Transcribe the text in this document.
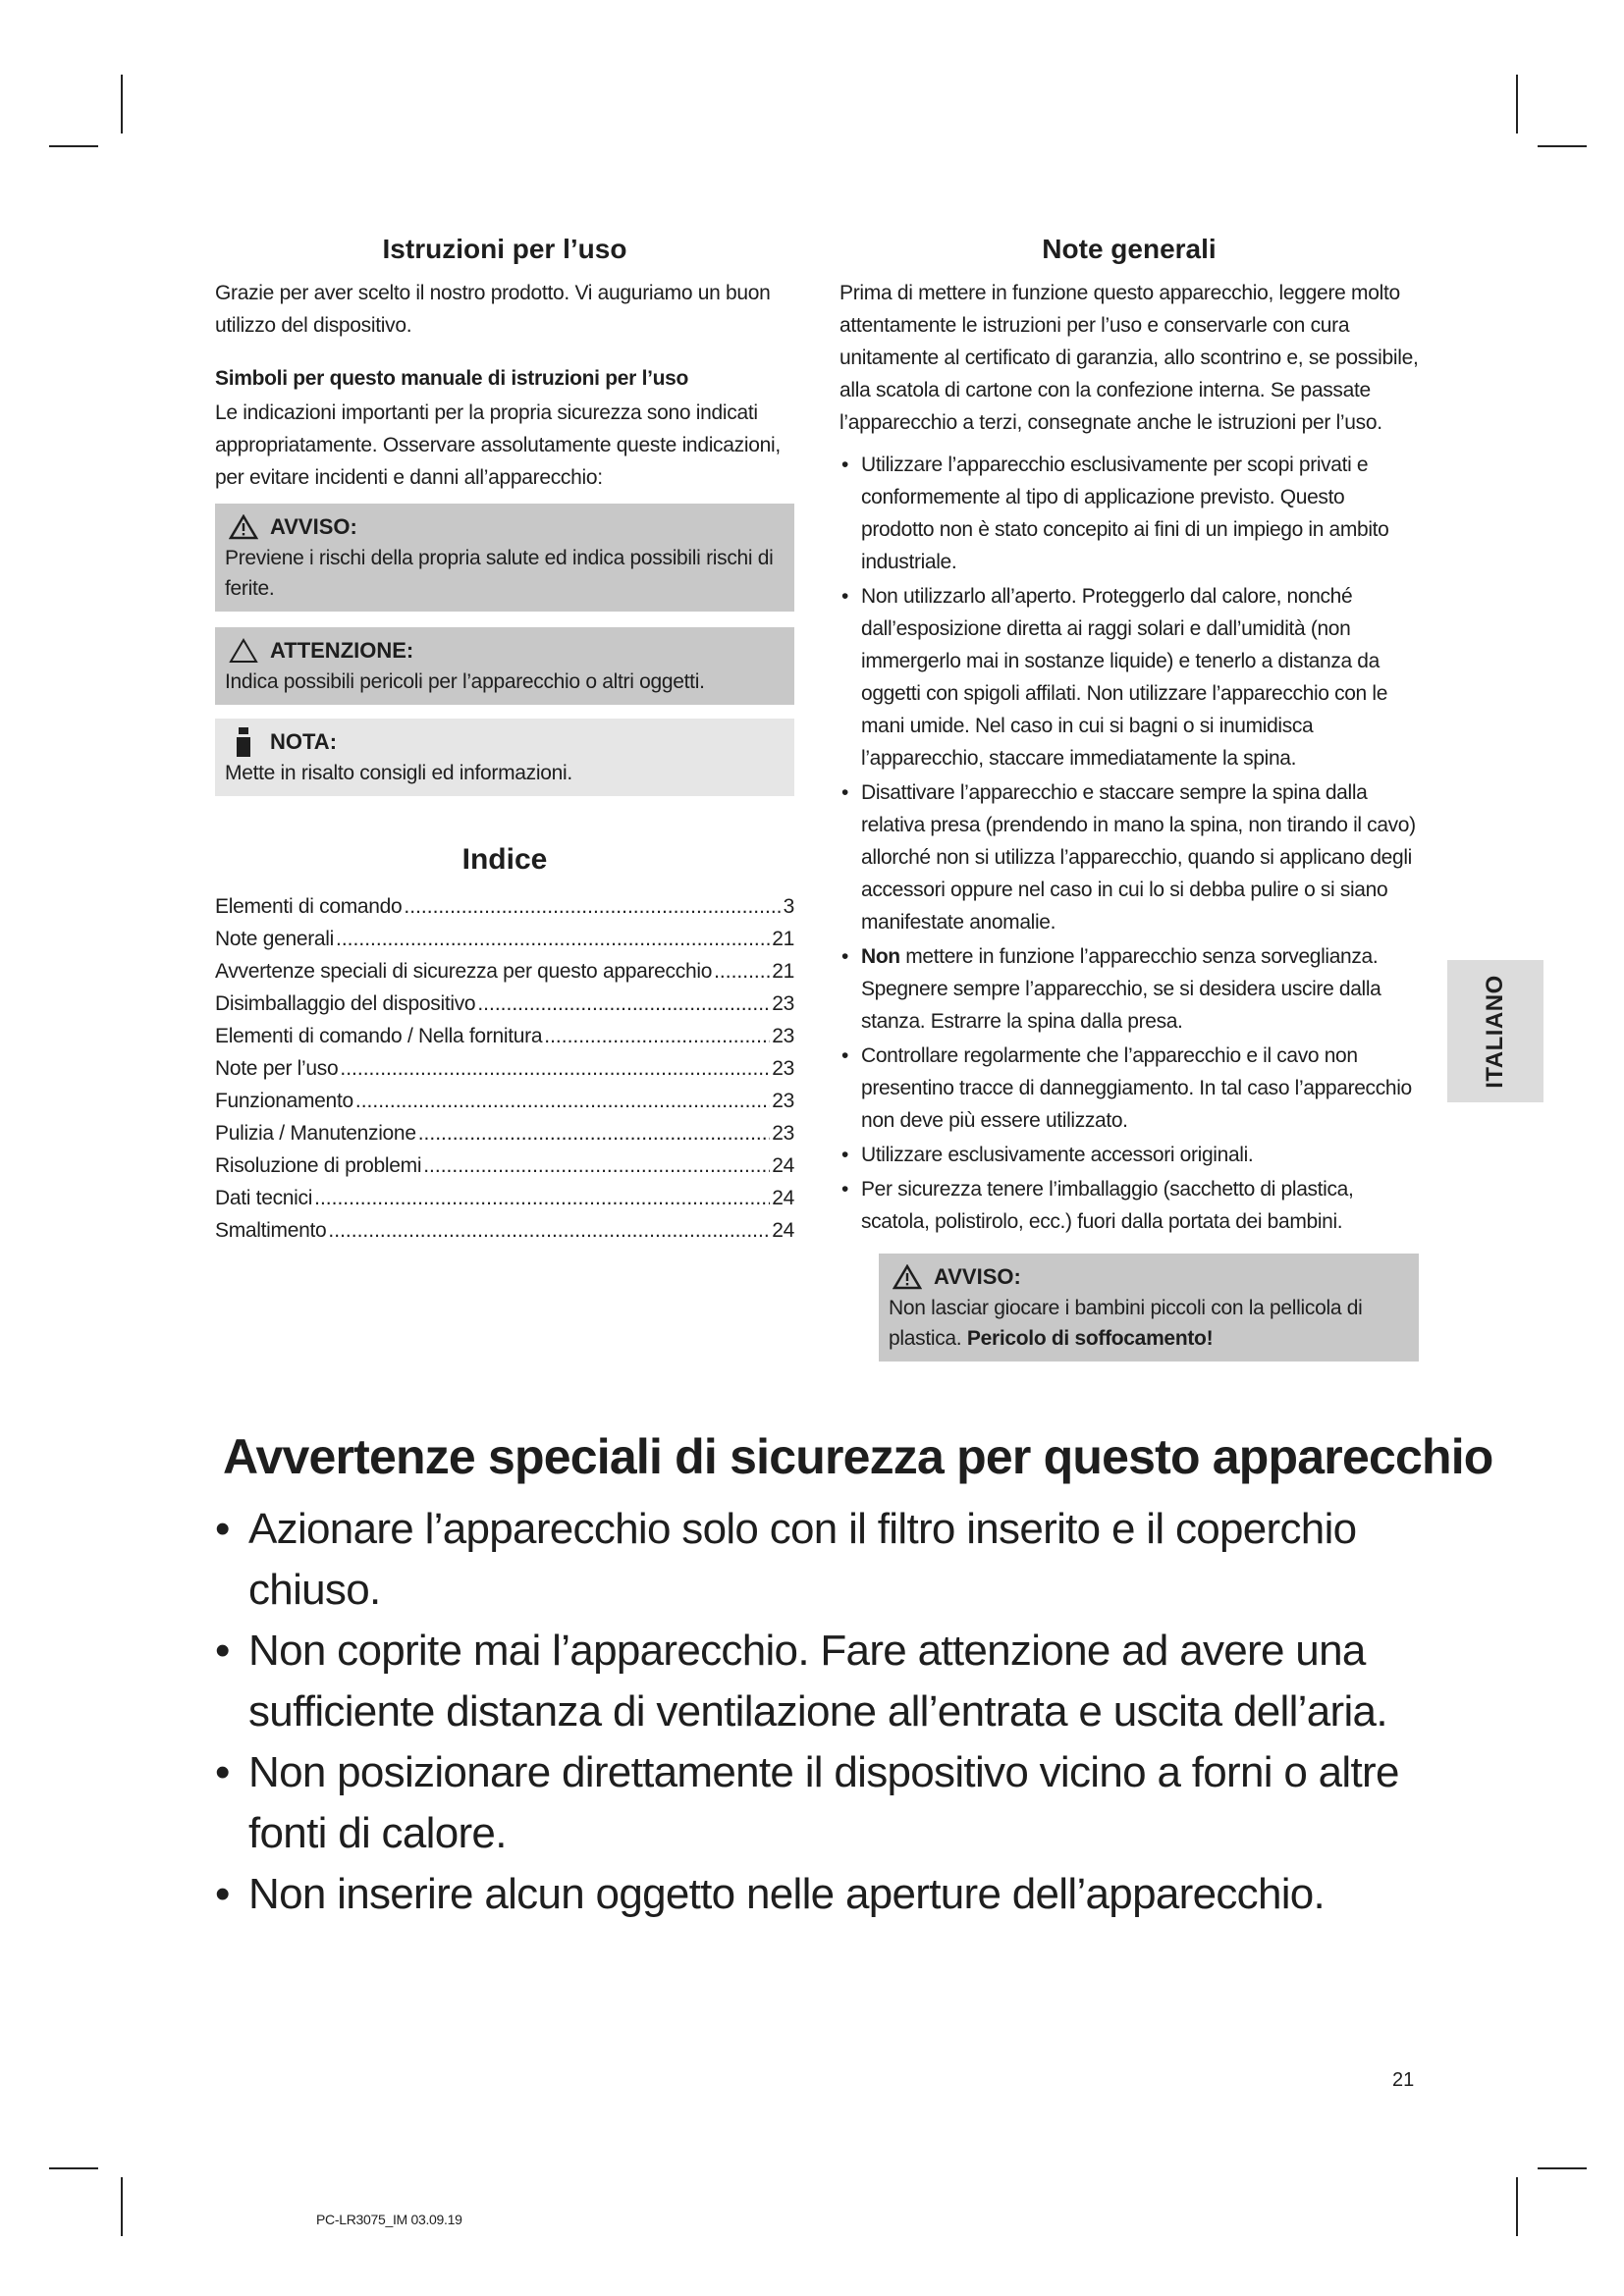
Istruzioni per l’uso

Grazie per aver scelto il nostro prodotto. Vi auguriamo un buon utilizzo del dispositivo.

Simboli per questo manuale di istruzioni per l’uso

Le indicazioni importanti per la propria sicurezza sono indicati appropriatamente. Osservare assolutamente queste indicazioni, per evitare incidenti e danni all’apparecchio:

AVVISO:
Previene i rischi della propria salute ed indica possibili rischi di ferite.
ATTENZIONE:
Indica possibili pericoli per l’apparecchio o altri oggetti.
NOTA:
Mette in risalto consigli ed informazioni.
Indice
Elementi di comando .....	3
Note generali .....	21
Avvertenze speciali di sicurezza per questo apparecchio .....	21
Disimballaggio del dispositivo .....	23
Elementi di comando / Nella fornitura .....	23
Note per l’uso .....	23
Funzionamento .....	23
Pulizia / Manutenzione .....	23
Risoluzione di problemi .....	24
Dati tecnici .....	24
Smaltimento .....	24
Note generali

Prima di mettere in funzione questo apparecchio, leggere molto attentamente le istruzioni per l’uso e conservarle con cura unitamente al certificato di garanzia, allo scontrino e, se possibile, alla scatola di cartone con la confezione interna. Se passate l’apparecchio a terzi, consegnate anche le istruzioni per l’uso.

• Utilizzare l’apparecchio esclusivamente per scopi privati e conformemente al tipo di applicazione previsto. Questo prodotto non è stato concepito ai fini di un impiego in ambito industriale.
• Non utilizzarlo all’aperto. Proteggerlo dal calore, nonché dall’esposizione diretta ai raggi solari e dall’umidità (non immergerlo mai in sostanze liquide) e tenerlo a distanza da oggetti con spigoli affilati. Non utilizzare l’apparecchio con le mani umide. Nel caso in cui si bagni o si inumidisca l’apparecchio, staccare immediatamente la spina.
• Disattivare l’apparecchio e staccare sempre la spina dalla relativa presa (prendendo in mano la spina, non tirando il cavo) allorché non si utilizza l’apparecchio, quando si applicano degli accessori oppure nel caso in cui lo si debba pulire o si siano manifestate anomalie.
• Non mettere in funzione l’apparecchio senza sorveglianza. Spegnere sempre l’apparecchio, se si desidera uscire dalla stanza. Estrarre la spina dalla presa.
• Controllare regolarmente che l’apparecchio e il cavo non presentino tracce di danneggiamento. In tal caso l’apparecchio non deve più essere utilizzato.
• Utilizzare esclusivamente accessori originali.
• Per sicurezza tenere l’imballaggio (sacchetto di plastica, scatola, polistirolo, ecc.) fuori dalla portata dei bambini.
AVVISO:
Non lasciar giocare i bambini piccoli con la pellicola di plastica. Pericolo di soffocamento!
ITALIANO
Avvertenze speciali di sicurezza per questo apparecchio
• Azionare l’apparecchio solo con il filtro inserito e il coperchio chiuso.
• Non coprite mai l’apparecchio. Fare attenzione ad avere una sufficiente distanza di ventilazione all’entrata e uscita dell’aria.
• Non posizionare direttamente il dispositivo vicino a forni o altre fonti di calore.
• Non inserire alcun oggetto nelle aperture dell’apparecchio.
21
PC-LR3075_IM 03.09.19
